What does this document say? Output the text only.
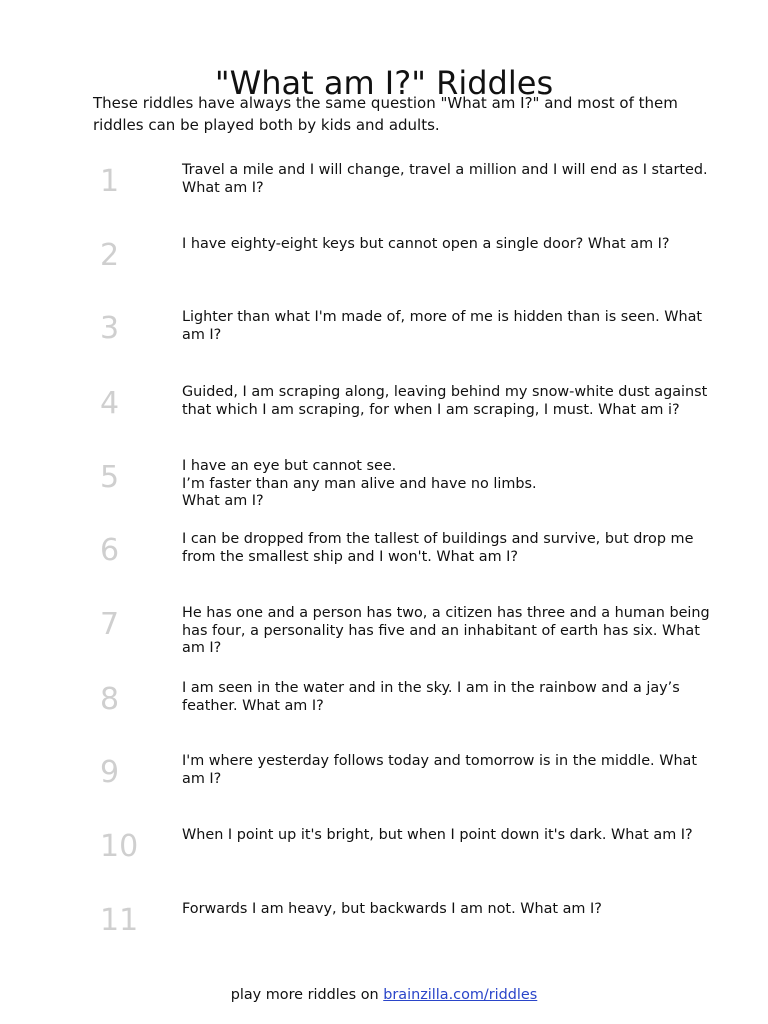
"What am I?" Riddles
These riddles have always the same question "What am I?" and most of them riddles can be played both by kids and adults.
1	Travel a mile and I will change, travel a million and I will end as I started. What am I?
2	I have eighty-eight keys but cannot open a single door? What am I?
3	Lighter than what I'm made of, more of me is hidden than is seen. What am I?
4	Guided, I am scraping along, leaving behind my snow-white dust against that which I am scraping, for when I am scraping, I must. What am i?
5	I have an eye but cannot see.
I’m faster than any man alive and have no limbs.
What am I?
6	I can be dropped from the tallest of buildings and survive, but drop me from the smallest ship and I won't. What am I?
7	He has one and a person has two, a citizen has three and a human being has four, a personality has five and an inhabitant of earth has six. What am I?
8	I am seen in the water and in the sky. I am in the rainbow and a jay’s feather. What am I?
9	I'm where yesterday follows today and tomorrow is in the middle. What am I?
10	When I point up it's bright, but when I point down it's dark. What am I?
11	Forwards I am heavy, but backwards I am not. What am I?
play more riddles on brainzilla.com/riddles
